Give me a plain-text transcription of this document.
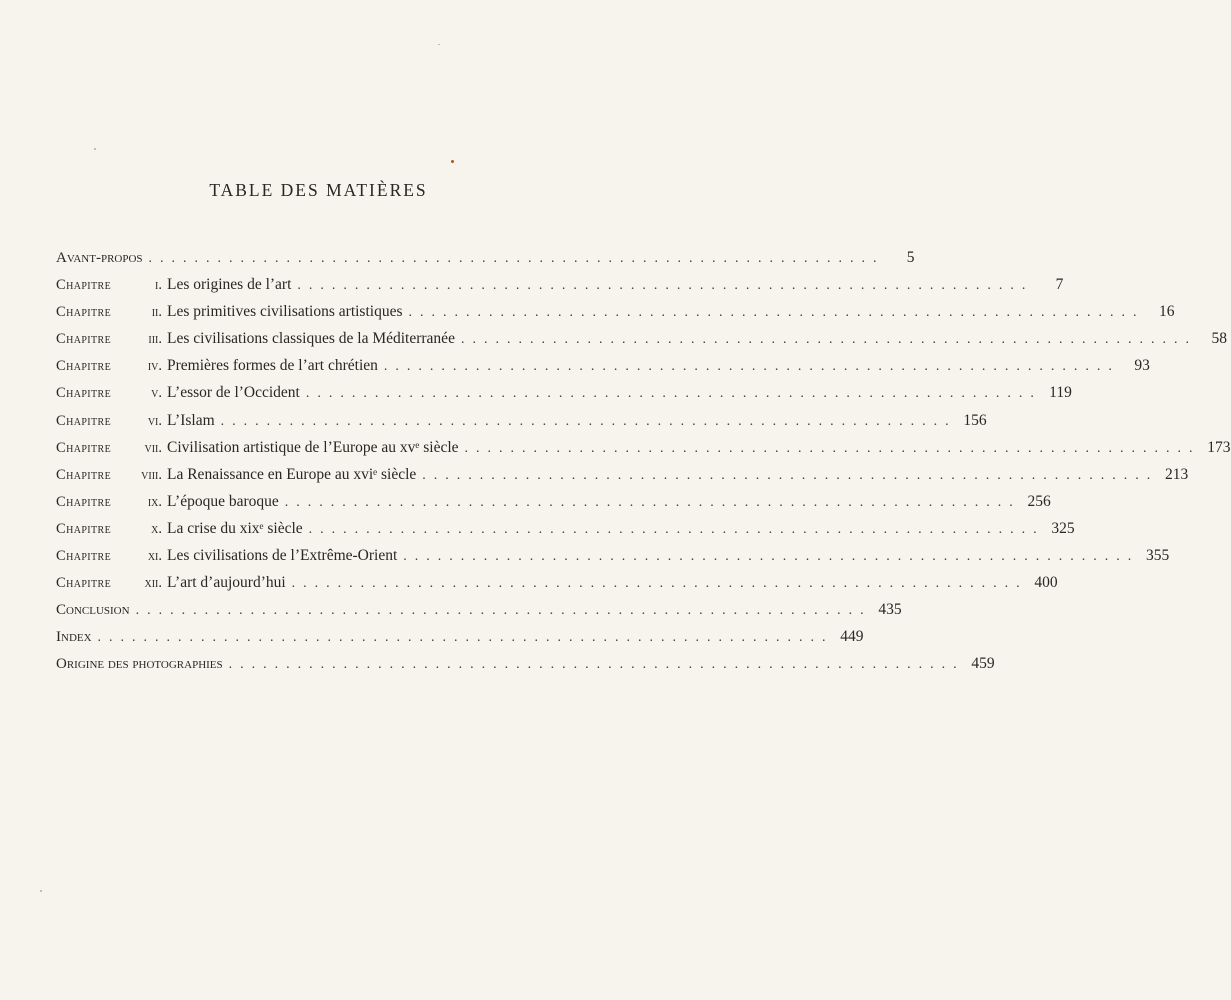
TABLE DES MATIÈRES
Avant-propos ................................................................	5
Chapitre	i. Les origines de l’art ................................................................	7
Chapitre	ii. Les primitives civilisations artistiques ................................................................ 16
Chapitre	iii. Les civilisations classiques de la Méditerranée ................................................................ 58
Chapitre	iv. Premières formes de l’art chrétien ................................................................ 93
Chapitre	v. L’essor de l’Occident ................................................................ 119
Chapitre	vi. L’Islam ................................................................ 156
Chapitre	vii. Civilisation artistique de l’Europe au xvᵉ siècle ................................................................ 173
Chapitre	viii. La Renaissance en Europe au xviᵉ siècle ................................................................ 213
Chapitre	ix. L’époque baroque ................................................................ 256
Chapitre	x. La crise du xixᵉ siècle ................................................................ 325
Chapitre	xi. Les civilisations de l’Extrême-Orient ................................................................ 355
Chapitre	xii. L’art d’aujourd’hui ................................................................ 400
Conclusion ................................................................ 435
Index ................................................................ 449
Origine des photographies ................................................................ 459
